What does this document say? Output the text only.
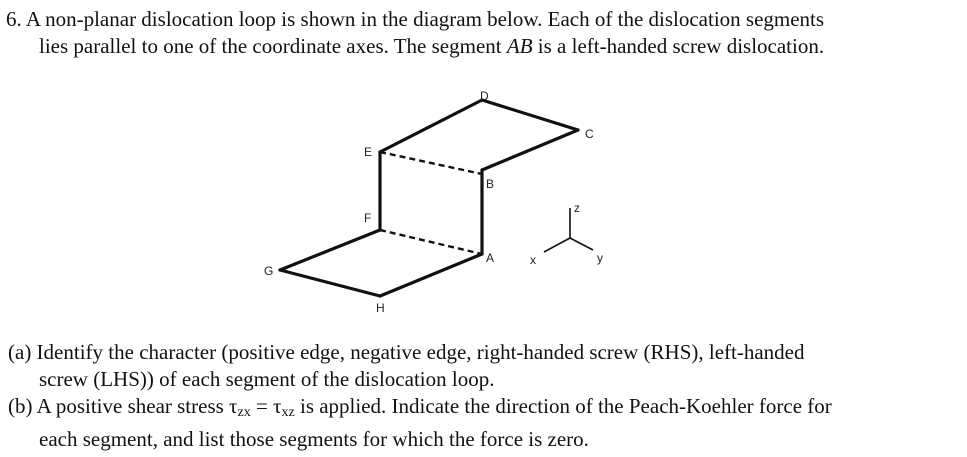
6. A non-planar dislocation loop is shown in the diagram below. Each of the dislocation segments
lies parallel to one of the coordinate axes. The segment AB is a left-handed screw dislocation.
D
C
B
A
E
F
G
H
z
y
x
(a) Identify the character (positive edge, negative edge, right-handed screw (RHS), left-handed
screw (LHS)) of each segment of the dislocation loop.
(b) A positive shear stress $\tau_{zx} = \tau_{xz}$ is applied. Indicate the direction of the Peach-Koehler force for
each segment, and list those segments for which the force is zero.
